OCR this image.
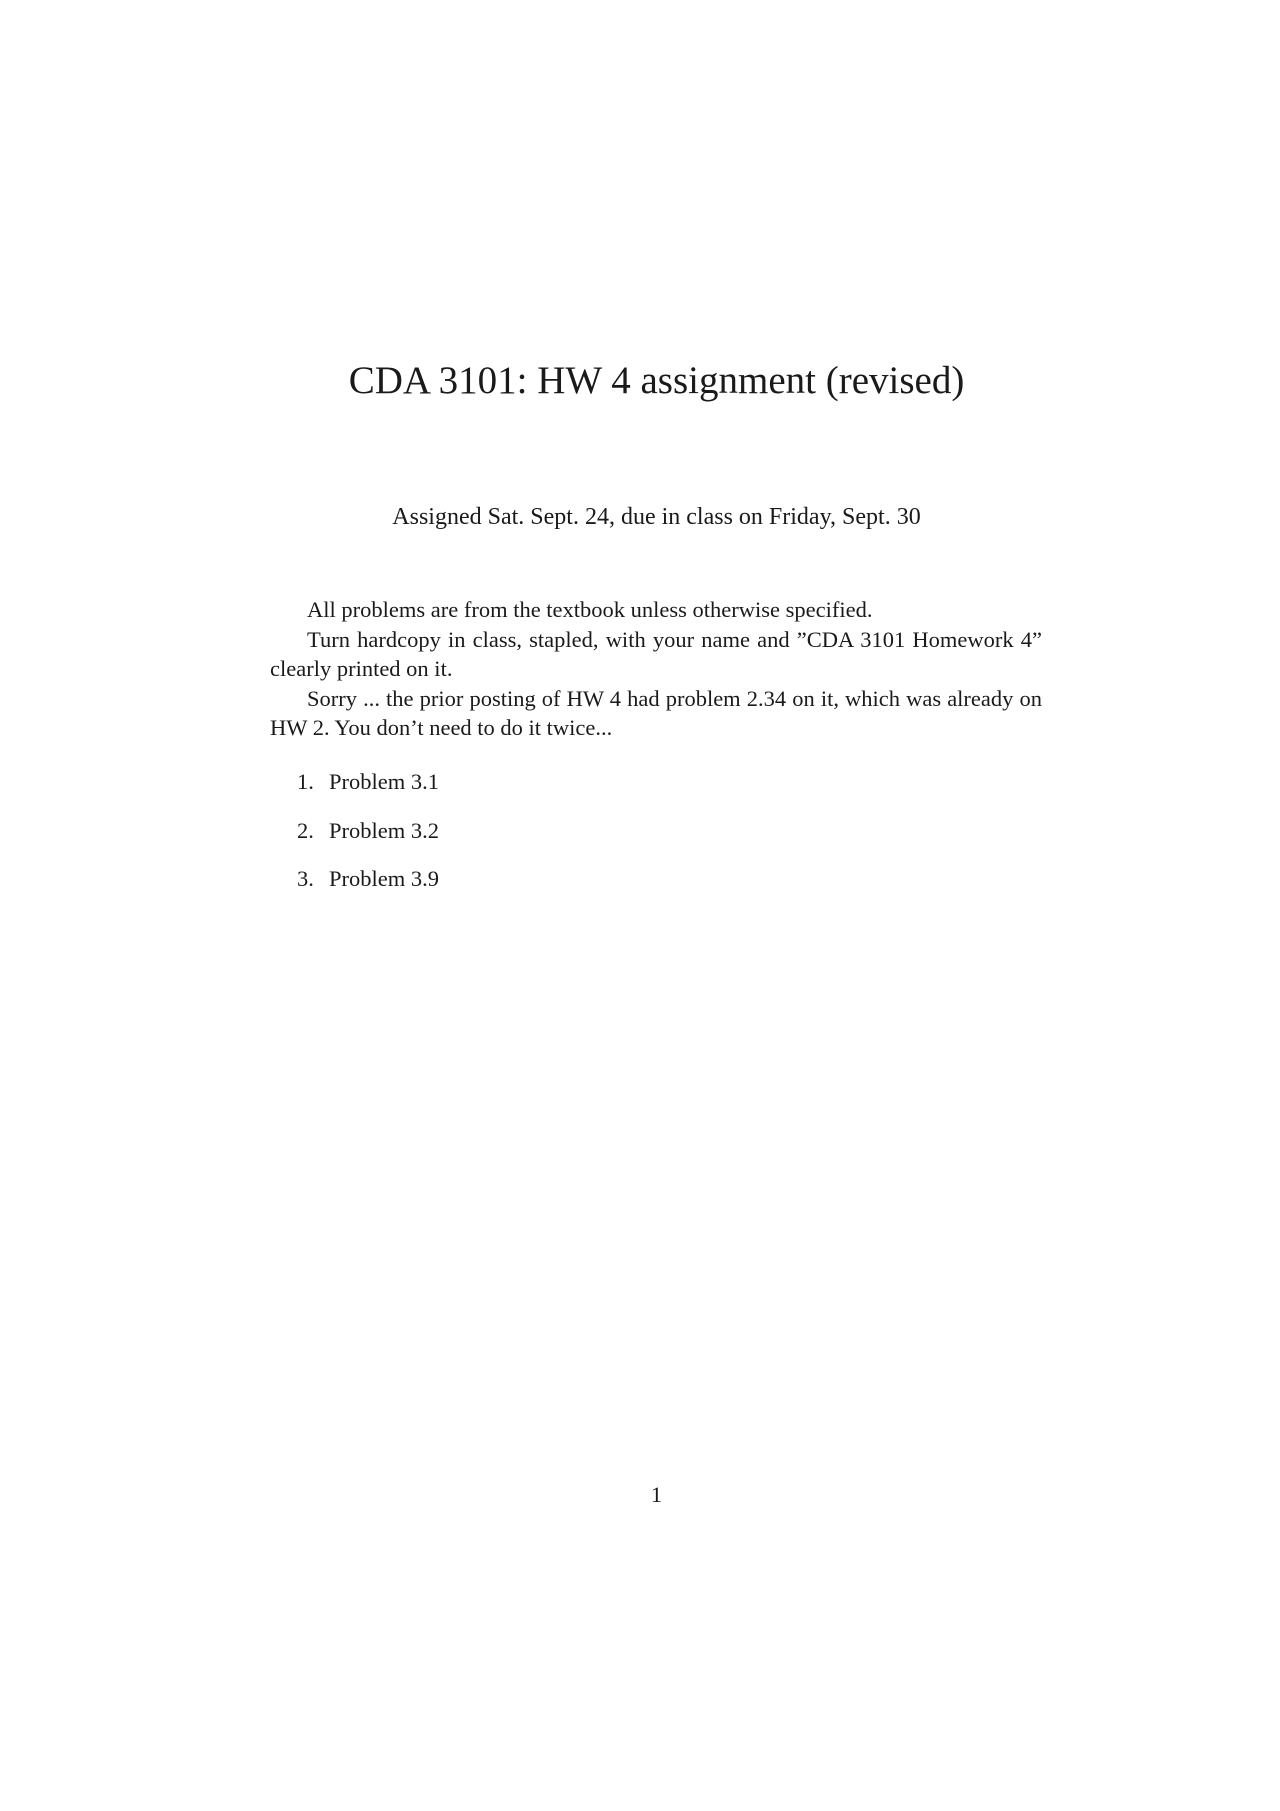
CDA 3101: HW 4 assignment (revised)
Assigned Sat. Sept. 24, due in class on Friday, Sept. 30

All problems are from the textbook unless otherwise specified.

Turn hardcopy in class, stapled, with your name and ”CDA 3101 Homework 4” clearly printed on it.

Sorry ... the prior posting of HW 4 had problem 2.34 on it, which was already on HW 2. You don’t need to do it twice...

1. Problem 3.1
2. Problem 3.2
3. Problem 3.9
1
